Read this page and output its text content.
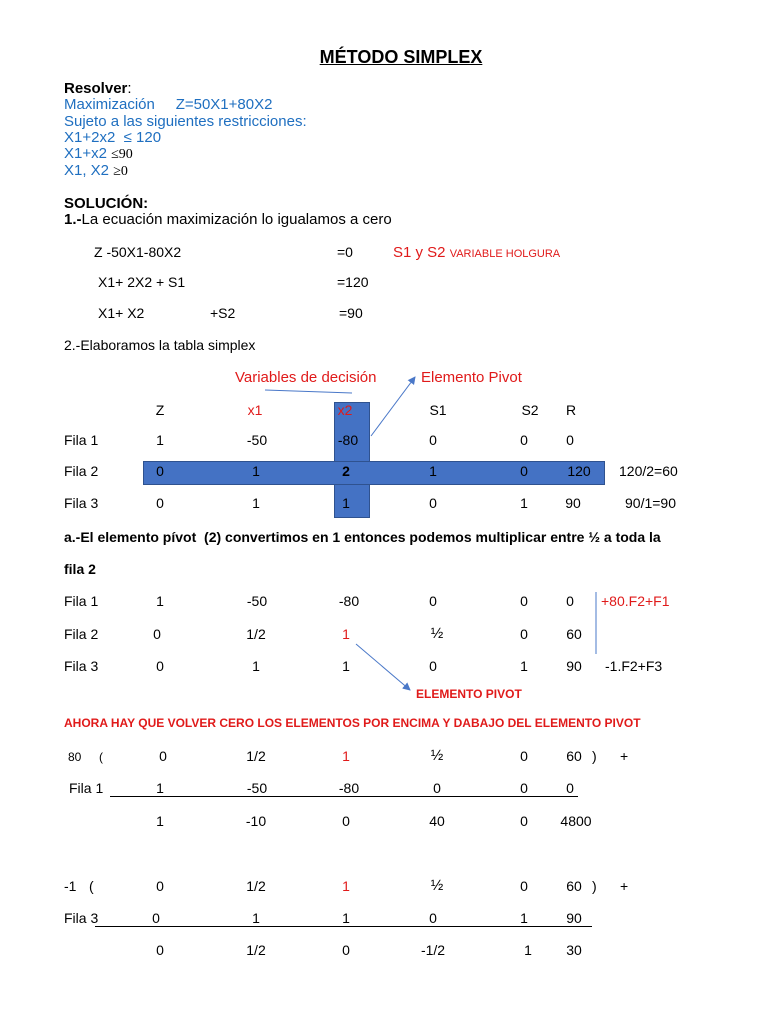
MÉTODO SIMPLEX
Resolver:
Maximización     Z=50X1+80X2
Sujeto a las siguientes restricciones:
X1+2x2  ≤ 120
X1+x2 ≤90
X1, X2 ≥0
SOLUCIÓN:
1.-La ecuación maximización lo igualamos a cero
Z -50X1-80X2	=0	S1 y S2 VARIABLE HOLGURA
X1+ 2X2 + S1	=120
X1+ X2	+S2	=90
2.-Elaboramos la tabla simplex
Variables de decisión	Elemento Pivot
Z	x1	x2	S1	S2 R
Fila 1	1	-50	-80	0	0	0
Fila 2	0	1	2	1	0	120 120/2=60
Fila 3	0	1	1	0	1	90	90/1=90
a.-El elemento pívot  (2) convertimos en 1 entonces podemos multiplicar entre ½ a toda la
fila 2
Fila 1	1	-50	-80	0	0	0 +80.F2+F1
Fila 2	0	1/2	1	½	0	60
Fila 3	0	1	1	0	1	90 -1.F2+F3
ELEMENTO PIVOT
AHORA HAY QUE VOLVER CERO LOS ELEMENTOS POR ENCIMA Y DABAJO DEL ELEMENTO PIVOT
80 (	0	1/2	1	½	0	60 ) +
Fila 1	1	-50	-80	0	0	0
1	-10	0	40	0 4800
-1 (	0	1/2	1	½	0	60 ) +
Fila 3	0	1	1	0	1	90
0	1/2	0	-1/2	1 30
